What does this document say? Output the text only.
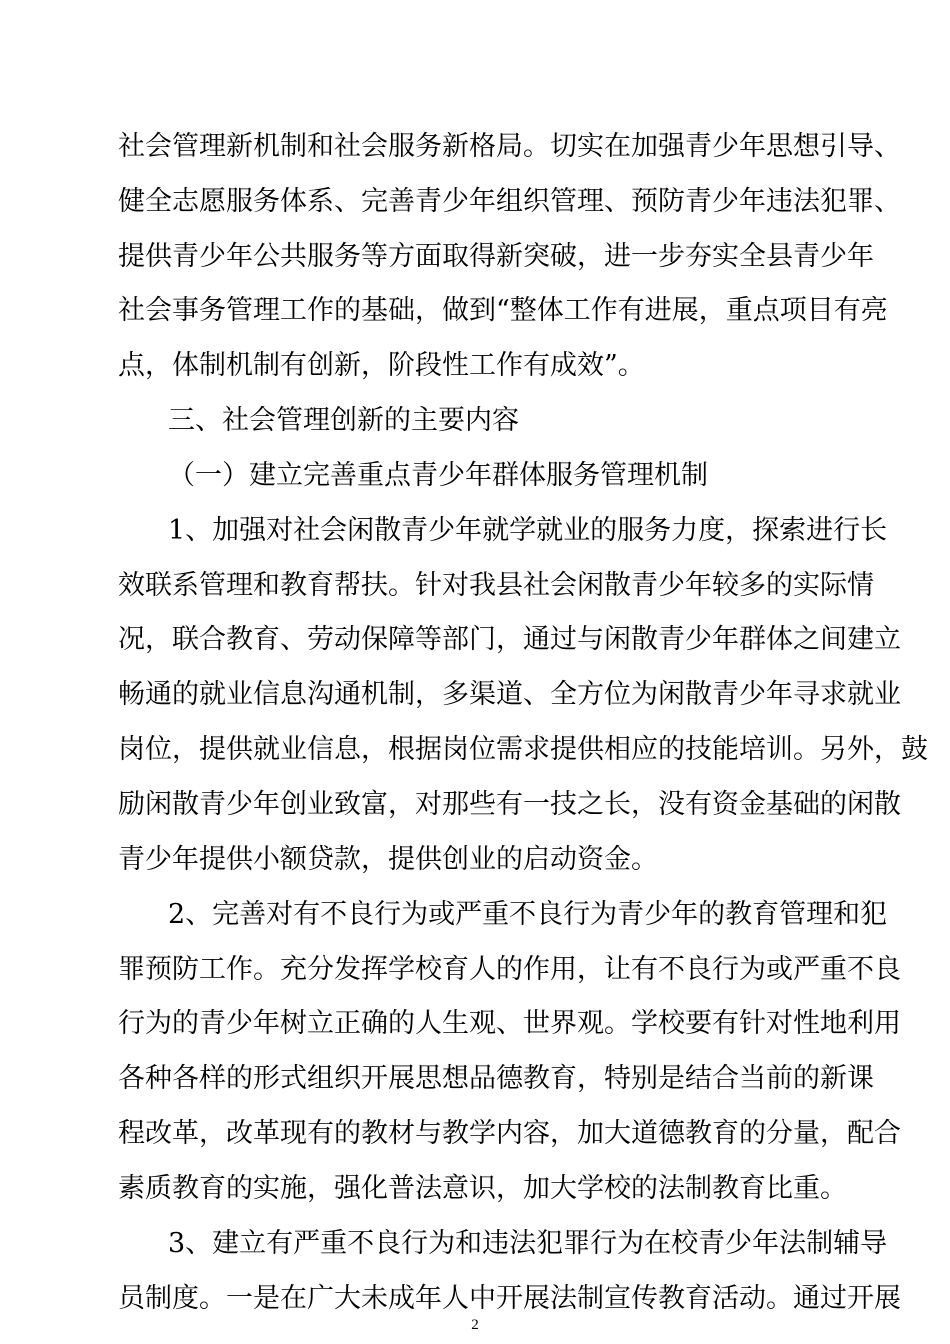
社会管理新机制和社会服务新格局。切实在加强青少年思想引导、
健全志愿服务体系、完善青少年组织管理、预防青少年违法犯罪、
提供青少年公共服务等方面取得新突破，进一步夯实全县青少年
社会事务管理工作的基础，做到“整体工作有进展，重点项目有亮
点，体制机制有创新，阶段性工作有成效”。
三、社会管理创新的主要内容
（一）建立完善重点青少年群体服务管理机制
1、加强对社会闲散青少年就学就业的服务力度，探索进行长
效联系管理和教育帮扶。针对我县社会闲散青少年较多的实际情
况，联合教育、劳动保障等部门，通过与闲散青少年群体之间建立
畅通的就业信息沟通机制，多渠道、全方位为闲散青少年寻求就业
岗位，提供就业信息，根据岗位需求提供相应的技能培训。另外，鼓
励闲散青少年创业致富，对那些有一技之长，没有资金基础的闲散
青少年提供小额贷款，提供创业的启动资金。
2、完善对有不良行为或严重不良行为青少年的教育管理和犯
罪预防工作。充分发挥学校育人的作用，让有不良行为或严重不良
行为的青少年树立正确的人生观、世界观。学校要有针对性地利用
各种各样的形式组织开展思想品德教育，特别是结合当前的新课
程改革，改革现有的教材与教学内容，加大道德教育的分量，配合
素质教育的实施，强化普法意识，加大学校的法制教育比重。
3、建立有严重不良行为和违法犯罪行为在校青少年法制辅导
员制度。一是在广大未成年人中开展法制宣传教育活动。通过开展
2
